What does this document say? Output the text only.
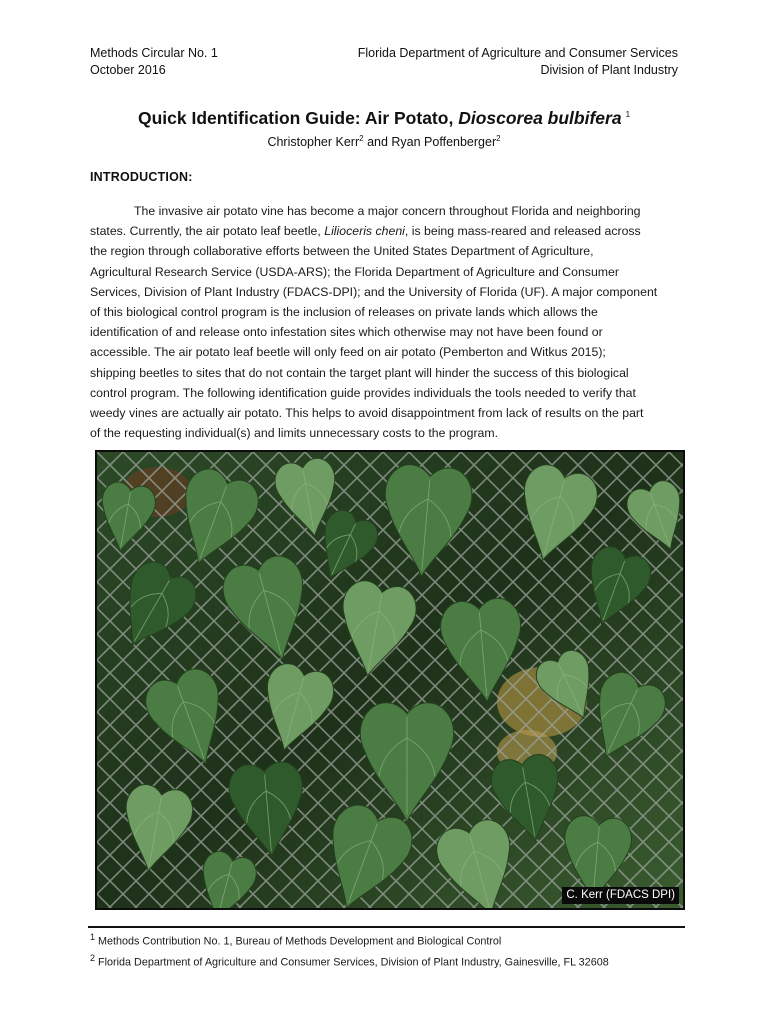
Methods Circular No. 1
October 2016
Florida Department of Agriculture and Consumer Services
Division of Plant Industry
Quick Identification Guide: Air Potato, Dioscorea bulbifera $^1$
Christopher Kerr$^2$ and Ryan Poffenberger$^2$
INTRODUCTION:
The invasive air potato vine has become a major concern throughout Florida and neighboring
states. Currently, the air potato leaf beetle, Lilioceris cheni, is being mass-reared and released across
the region through collaborative efforts between the United States Department of Agriculture,
Agricultural Research Service (USDA-ARS); the Florida Department of Agriculture and Consumer
Services, Division of Plant Industry (FDACS-DPI); and the University of Florida (UF). A major component
of this biological control program is the inclusion of releases on private lands which allows the
identification of and release onto infestation sites which otherwise may not have been found or
accessible. The air potato leaf beetle will only feed on air potato (Pemberton and Witkus 2015);
shipping beetles to sites that do not contain the target plant will hinder the success of this biological
control program. The following identification guide provides individuals the tools needed to verify that
weedy vines are actually air potato. This helps to avoid disappointment from lack of results on the part
of the requesting individual(s) and limits unnecessary costs to the program.
C. Kerr (FDACS DPI)
$^1$ Methods Contribution No. 1, Bureau of Methods Development and Biological Control
$^2$ Florida Department of Agriculture and Consumer Services, Division of Plant Industry, Gainesville, FL 32608
